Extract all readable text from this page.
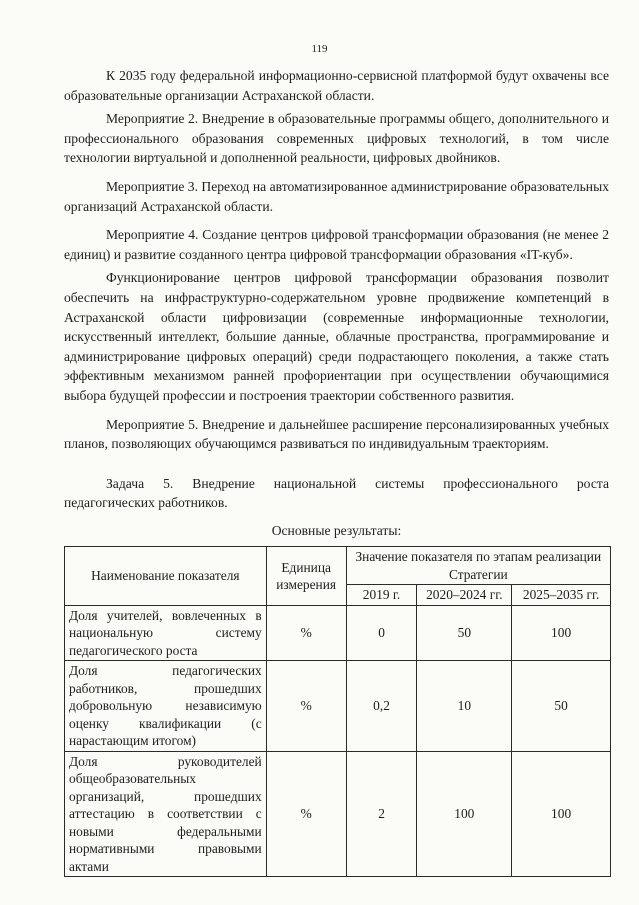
119

К 2035 году федеральной информационно-сервисной платформой будут охвачены все образовательные организации Астраханской области.

Мероприятие 2. Внедрение в образовательные программы общего, дополнительного и профессионального образования современных цифровых технологий, в том числе технологии виртуальной и дополненной реальности, цифровых двойников.

Мероприятие 3. Переход на автоматизированное администрирование образовательных организаций Астраханской области.

Мероприятие 4. Создание центров цифровой трансформации образования (не менее 2 единиц) и развитие созданного центра цифровой трансформации образования «IT-куб».

Функционирование центров цифровой трансформации образования позволит обеспечить на инфраструктурно-содержательном уровне продвижение компетенций в Астраханской области цифровизации (современные информационные технологии, искусственный интеллект, большие данные, облачные пространства, программирование и администрирование цифровых операций) среди подрастающего поколения, а также стать эффективным механизмом ранней профориентации при осуществлении обучающимися выбора будущей профессии и построения траектории собственного развития.

Мероприятие 5. Внедрение и дальнейшее расширение персонализированных учебных планов, позволяющих обучающимся развиваться по индивидуальным траекториям.

Задача 5. Внедрение национальной системы профессионального роста педагогических работников.

Основные результаты:
Наименование показателя	Единица измерения	Значение показателя по этапам реализации Стратегии		
		2019 г.	2020–2024 гг.	2025–2035 гг.
Доля учителей, вовлеченных в национальную систему педагогического роста	%	0	50	100
Доля педагогических работников, прошедших добровольную независимую оценку квалификации (с нарастающим итогом)	%	0,2	10	50
Доля руководителей общеобразовательных организаций, прошедших аттестацию в соответствии с новыми федеральными нормативными правовыми актами	%	2	100	100
